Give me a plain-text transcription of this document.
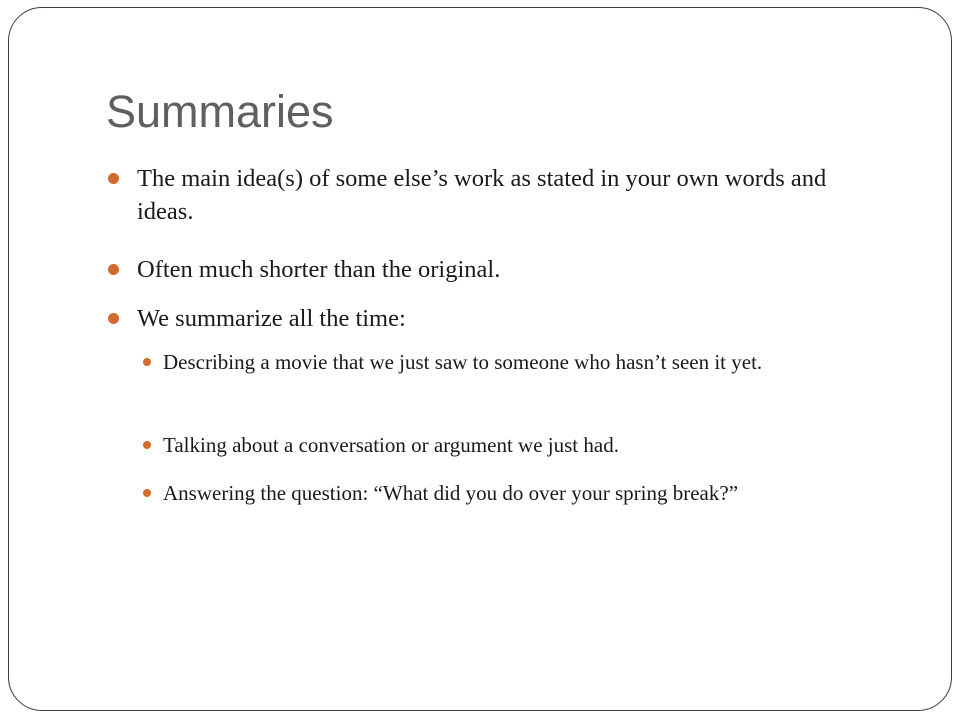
Summaries
The main idea(s) of some else’s work as stated in your own words and ideas.
Often much shorter than the original.
We summarize all the time:
Describing a movie that we just saw to someone who hasn’t seen it yet.
Talking about a conversation or argument we just had.
Answering the question: “What did you do over your spring break?”
